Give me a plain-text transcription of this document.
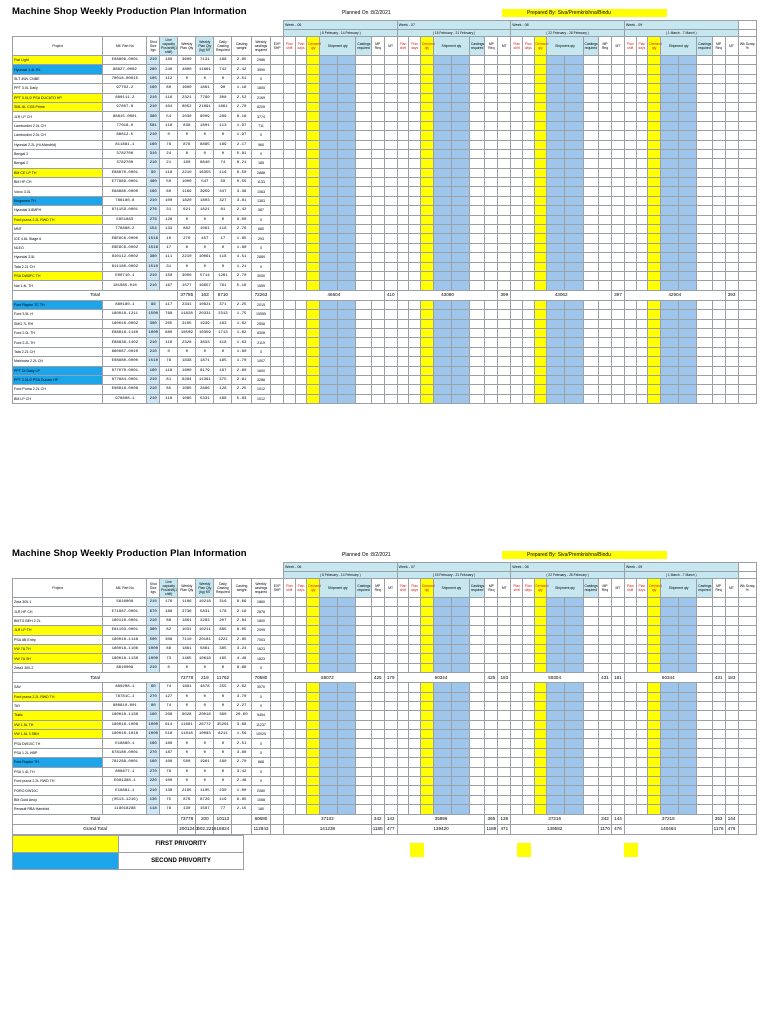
Machine Shop Weekly Production Plan Information	Planned On :8/2/2021	Prepared By: Siva/Premkrishna/Bindu
										Week - 06								Week - 07								Week - 08								Week - 09								
										( 8 February - 14 February )								( 15 February - 21 February )								( 22 February - 28 February )								( 1 March - 7 March )								
Project	Mtl. Part No	Shot Size kgs	Line capacity Pcs/shift(1 shift)	Weekly Plan Qty	Weekly Plan Qty (kg) MT	Daily Casting Required	Casting weight	Weekly castings required	EXP SHP	Plan shift	Plan days	Demand qty	Shipment qty		Castings required	MP Req	MT	Plan shift	Plan days	Demand qty	Shipment qty		Castings required	MP Req	MT	Plan shift	Plan days	Demand qty	Shipment qty		Castings required	MP Req	MT	Plan shift	Plan days	Demand qty	Shipment qty		Castings required	MP Req	MT	Wk Scrap %
Fiat Light	E08809-0001	210	180	3600	7131	188	2.85	2986																																		
Hyundai 1.4L RL	88827-0002	280	240	4800	11861	742	2.42	3990																																		
SLT 4WL CNBE	70018-00015	105	112	0	0	0	2.51	0																																		
PPT 3.0L Daily	97702-2	160	80	1600	1861	90	1.16	1800																																		
PPT 3.0L/2 PSA DUCATO HP	880111-2	210	116	2321	7790	308	2.52	2169																																		
SML 6L CG5 Prime	97807-8	210	104	8052	21891	1861	2.70	8205																																		
JLR LP CH	88815-0001	380	54	1030	9009	286	8.16	3774																																		
Lambordini 2.0L CH	77018-0	581	118	838	1801	113	1.97	711																																		
Lambordini 2.0L CH	88812-5	210	0	0	0	0	1.97	0																																		
Hyundai 2.2L (Hi-Mandrid)	811881-1	160	78	876	8885	189	2.17	960																																		
Bengal 2	3782700	310	24	8	0	0	5.81	0																																		
Bengal 2	3782700	210	21	180	8840	74	8.21	185																																		
BM CE LP TH	E88870-0001	90	118	2210	16355	116	6.50	2888																																		
BM HP CH	E77889-0001	480	50	1000	547	50	0.55	1133																																		
Volvo 3.0L	E88880-0000	160	60	1169	3959	347	3.38	1063																																		
Kingsmen TH	786180-8	210	100	1820	1803	327	3.81	1363																																		
Hyundai 3.8MPH	871159-0001	276	31	621	1821	81	2.42	587																																		
Ford puma 2.2L RWD TH	E851883	276	128	0	0	0	8.00	0																																		
MNT	778888-2	154	133	882	1061	118	2.76	680																																		
ICE 4.8L Stage 6	E8E9C8-0000	1516	10	276	457	17	1.85	293																																		
NLEO	E8E9C8-0002	1516	17	8	0	0	1.80	0																																		
Hyundai 3.5L	810112-0002	380	111	2210	10061	118	4.51	2889																																		
Tata 2.2L CH	811180-0002	1510	31	0	0	0	1.21	0																																		
PSA DW8FC TH	E00710-1	210	150	3000	5714	1261	2.70	3050																																		
Nal 1.4L TH	181085-018	210	167	1577	16657	781	5.18	1559																																		
Total				37785	163	8710		72263		46604							410	43080							399	43062							397	42904							393	
Ford Raptor TC TH	880180-1	96	117	2341	10621	371	2.25	2015																																		
Ford 3.5L H	180018-1211	1500	768	11828	20331	2313	1.75	10555																																		
SMG 7L RH	180018-0002	300	205	2105	1939	183	1.62	2508																																		
Ford 2.0L TH	E88818-1140	1000	880	10509	10359	1713	1.62	8308																																		
Ford 2.2L TH	E88838-1402	210	116	2328	3833	418	1.63	2119																																		
Tata 2.2L CH	880087-0010	210	0	0	0	0	1.60	0																																		
Mahindra 2.2L CH	E08880-0000	1510	78	1838	1871	185	1.70	1007																																		
PPT DI Daily LP	877070-0001	160	118	1600	8179	187	2.60	1600																																		
PPT 3.0L/2 PSA Ducato HP	877884-0001	210	81	8284	11391	375	2.61	3288																																		
Ford Puma 2.2L CH	E08818-0008	210	85	1085	2886	128	2.25	1012																																		
BM LP CH	978808-1	210	118	1085	5331	188	5.83	1012																																		
Machine Shop Weekly Production Plan Information	Planned On :8/2/2021	Prepared By: Siva/Premkrishna/Bindu
										Week - 06								Week - 07								Week - 08								Week - 09								
										( 8 February - 14 February )								( 15 February - 21 February )								( 22 February - 28 February )								( 1 March - 7 March )								
Project	Mtl. Part No	Shot Size kgs	Line capacity Pcs/shift(1 shift)	Weekly Plan Qty	Weekly Plan Qty (kg) MT	Daily Casting Required	Casting weight	Weekly castings required	EXP SHP	Plan shift	Plan days	Demand qty	Shipment qty		Castings required	MP Req	MT	Plan shift	Plan days	Demand qty	Shipment qty		Castings required	MP Req	MT	Plan shift	Plan days	Demand qty	Shipment qty		Castings required	MP Req	MT	Plan shift	Plan days	Demand qty	Shipment qty		Castings required	MP Req	MT	Wk Scrap %
Zeta 300-1	5610008	210	178	1106	10218	316	8.66	1860																																		
JLR HP CH	E71887-0001	670	188	2736	5831	178	2.16	2878																																		
BMTG BEH 2.2L	180110-0001	210	88	1861	3283	207	2.84	1800																																		
JLR LP TH	E81103-0001	380	82	1031	10211	885	8.05	2099																																		
PSA 8B Entry	180018-1148	500	308	7110	20181	1221	2.85	7003																																		
VW 7A TH	180018-1108	1000	88	1861	5861	385	3.24	1623																																		
VW 7A SH	180018-1138	1000	73	1465	10618	165	4.48	1823																																		
Zeta3 300-2	8610008	210	0	0	0	0	8.66	0																																		
Total				73778	219	11762		70580		58072						425	179	60344						425	183	59304						431	181	60344						431	183	
SAV	880208-1	60	74	1881	4878	255	2.62	3070																																		
Ford puma 2.2L RWD TH	78781C-1	270	127	0	0	0	3.70	0																																		
TAY	880810-001	80	74	0	0	0	2.27	0																																		
Trafic	180018-1138	160	208	6028	20016	360	20.60	5454																																		
VW 1.5L TH	180018-1008	1000	614	11681	26772	35261	3.68	11237																																		
VW 1.5L 3 SBH	180018-1018	1000	518	11818	10083	8211	1.56	10029																																		
PSA DW10C TH	E18880-1	160	180	0	0	0	2.51	0																																		
PSA 1.2L HBP	878180-0001	270	187	0	0	0	3.80	0																																		
Ford Raptor TH	781288-0001	160	108	580	1961	180	2.70	688																																		
PSA 1.4L TH	808877-1	270	78	0	0	0	3.42	0																																		
Ford puma 2.2L RWD TH	E081388-1	220	100	0	0	0	2.48	0																																		
FORO DW10C	E18881-1	210	138	2195	1105	230	1.00	2080																																		
BM Gold Aeoy	(0513-1216)	130	75	876	8726	119	6.85	1068																																		
Renault RBA Harnfold	118018288	118	78	130	1587	77	2.15	180																																		
Total				73778	200	10113		60680		37102						342	142	35896						365	138	37216						342	144	37216						353	144	
Grand Total				200124.3	602.2216	16824		112943		141238						1185	477	139420						1189	471	139582						1170	476	140464						1176	476	
	FIRST PRIVORITY
	SECOND PRIVORITY
